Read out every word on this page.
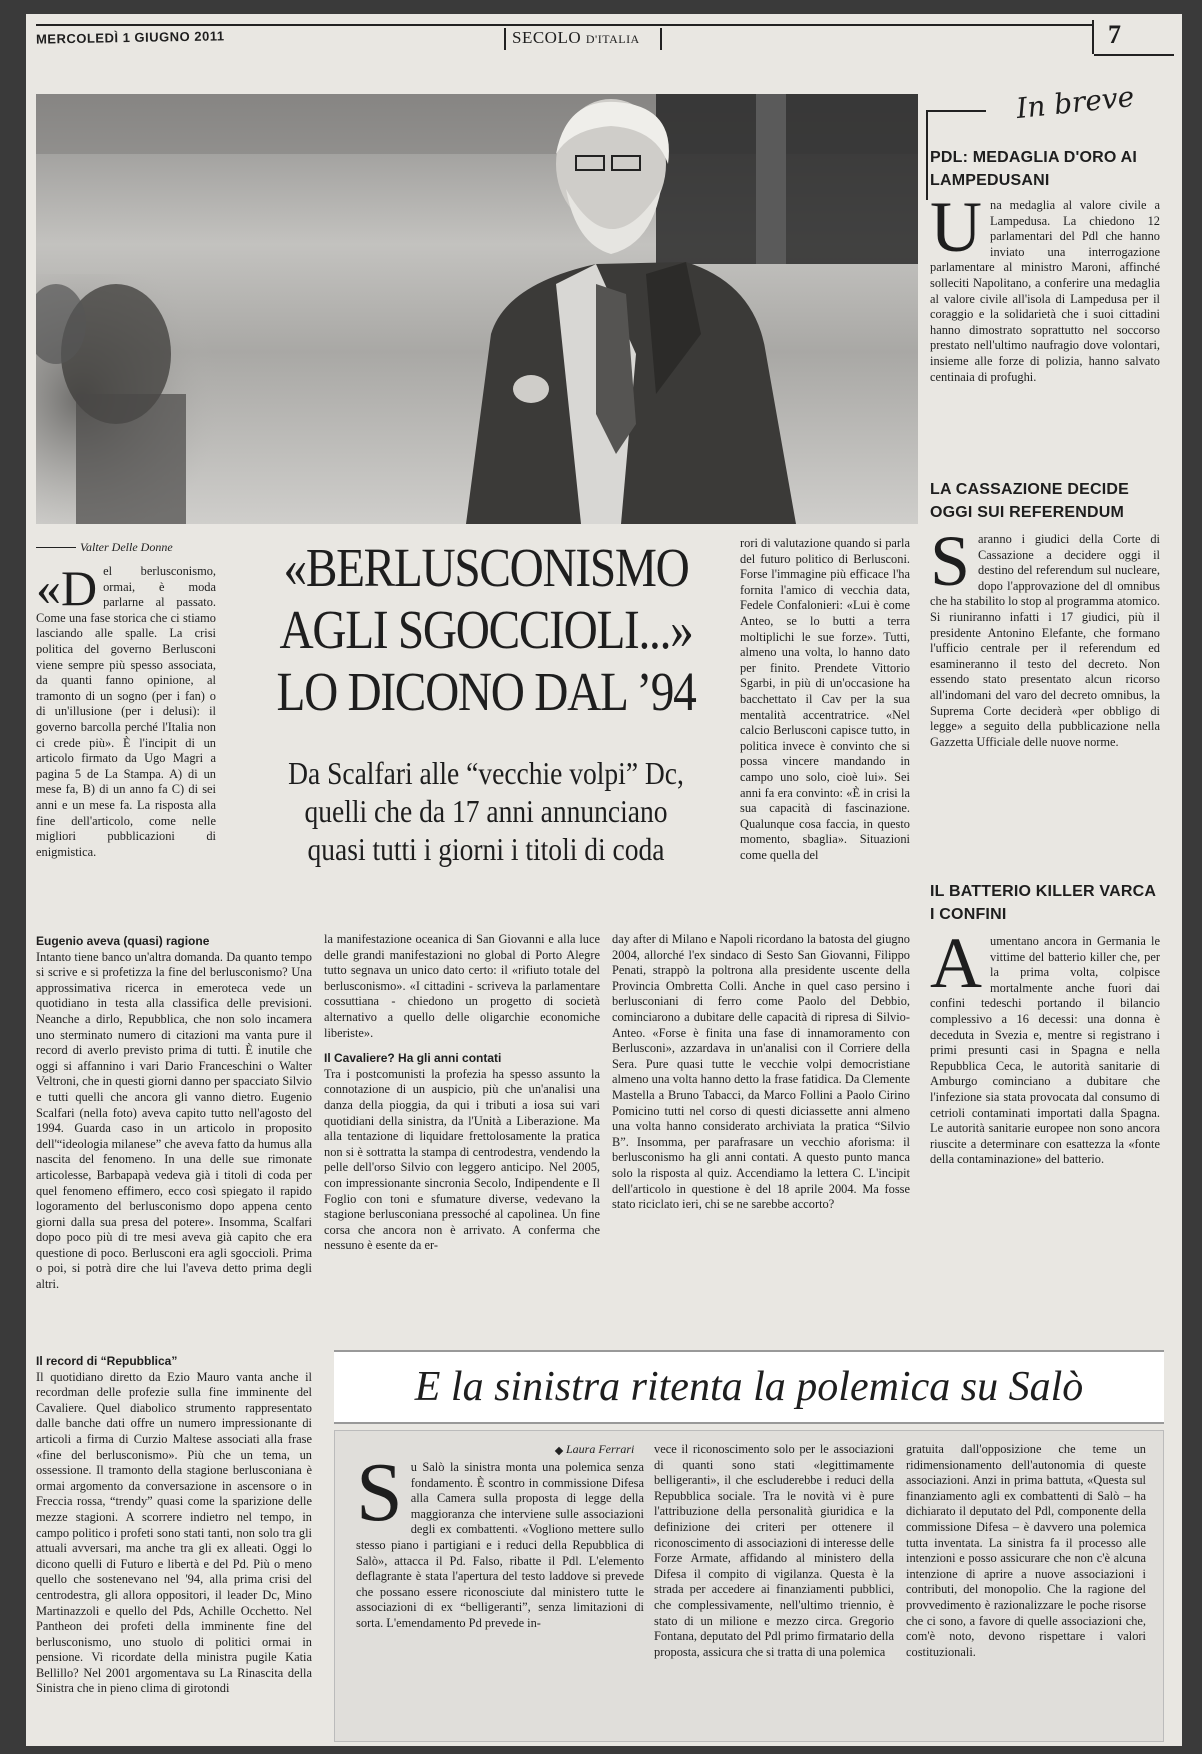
MERCOLEDÌ 1 GIUGNO 2011	SECOLO D'ITALIA	7
Valter Delle Donne
«Del berlusconismo, ormai, è moda parlarne al passato. Come una fase storica che ci stiamo lasciando alle spalle. La crisi politica del governo Berlusconi viene sempre più spesso associata, da quanti fanno opinione, al tramonto di un sogno (per i fan) o di un'illusione (per i delusi): il governo barcolla perché l'Italia non ci crede più». È l'incipit di un articolo firmato da Ugo Magri a pagina 5 de La Stampa. A) di un mese fa, B) di un anno fa C) di sei anni e un mese fa. La risposta alla fine dell'articolo, come nelle migliori pubblicazioni di enigmistica.
«BERLUSCONISMO
AGLI SGOCCIOLI...»
LO DICONO DAL ’94
Da Scalfari alle “vecchie volpi” Dc,
quelli che da 17 anni annunciano
quasi tutti i giorni i titoli di coda

rori di valutazione quando si parla del futuro politico di Berlusconi. Forse l'immagine più efficace l'ha fornita l'amico di vecchia data, Fedele Confalonieri: «Lui è come Anteo, se lo butti a terra moltiplichi le sue forze». Tutti, almeno una volta, lo hanno dato per finito. Prendete Vittorio Sgarbi, in più di un'occasione ha bacchettato il Cav per la sua mentalità accentratrice. «Nel calcio Berlusconi capisce tutto, in politica invece è convinto che si possa vincere mandando in campo uno solo, cioè lui». Sei anni fa era convinto: «È in crisi la sua capacità di fascinazione. Qualunque cosa faccia, in questo momento, sbaglia». Situazioni come quella del

Eugenio aveva (quasi) ragione

Intanto tiene banco un'altra domanda. Da quanto tempo si scrive e si profetizza la fine del berlusconismo? Una approssimativa ricerca in emeroteca vede un quotidiano in testa alla classifica delle previsioni. Neanche a dirlo, Repubblica, che non solo incamera uno sterminato numero di citazioni ma vanta pure il record di averlo previsto prima di tutti. È inutile che oggi si affannino i vari Dario Franceschini o Walter Veltroni, che in questi giorni danno per spacciato Silvio e tutti quelli che ancora gli vanno dietro. Eugenio Scalfari (nella foto) aveva capito tutto nell'agosto del 1994. Guarda caso in un articolo in proposito dell'“ideologia milanese” che aveva fatto da humus alla nascita del fenomeno. In una delle sue rimonate articolesse, Barbapapà vedeva già i titoli di coda per quel fenomeno effimero, ecco così spiegato il rapido logoramento del berlusconismo dopo appena cento giorni dalla sua presa del potere». Insomma, Scalfari dopo poco più di tre mesi aveva già capito che era questione di poco. Berlusconi era agli sgoccioli. Prima o poi, si potrà dire che lui l'aveva detto prima degli altri.

Il record di “Repubblica”

Il quotidiano diretto da Ezio Mauro vanta anche il recordman delle profezie sulla fine imminente del Cavaliere. Quel diabolico strumento rappresentato dalle banche dati offre un numero impressionante di articoli a firma di Curzio Maltese associati alla frase «fine del berlusconismo». Più che un tema, un ossessione. Il tramonto della stagione berlusconiana è ormai argomento da conversazione in ascensore o in Freccia rossa, “trendy” quasi come la sparizione delle mezze stagioni. A scorrere indietro nel tempo, in campo politico i profeti sono stati tanti, non solo tra gli attuali avversari, ma anche tra gli ex alleati. Oggi lo dicono quelli di Futuro e libertà e del Pd. Più o meno quello che sostenevano nel '94, alla prima crisi del centrodestra, gli allora oppositori, il leader Dc, Mino Martinazzoli e quello del Pds, Achille Occhetto. Nel Pantheon dei profeti della imminente fine del berlusconismo, uno stuolo di politici ormai in pensione. Vi ricordate della ministra pugile Katia Bellillo? Nel 2001 argomentava su La Rinascita della Sinistra che in pieno clima di girotondi

la manifestazione oceanica di San Giovanni e alla luce delle grandi manifestazioni no global di Porto Alegre tutto segnava un unico dato certo: il «rifiuto totale del berlusconismo». «I cittadini - scriveva la parlamentare cossuttiana - chiedono un progetto di società alternativo a quello delle oligarchie economiche liberiste».

Il Cavaliere? Ha gli anni contati

Tra i postcomunisti la profezia ha spesso assunto la connotazione di un auspicio, più che un'analisi una danza della pioggia, da qui i tributi a iosa sui vari quotidiani della sinistra, da l'Unità a Liberazione. Ma alla tentazione di liquidare frettolosamente la pratica non si è sottratta la stampa di centrodestra, vendendo la pelle dell'orso Silvio con leggero anticipo. Nel 2005, con impressionante sincronia Secolo, Indipendente e Il Foglio con toni e sfumature diverse, vedevano la stagione berlusconiana pressoché al capolinea. Un fine corsa che ancora non è arrivato. A conferma che nessuno è esente da er-

day after di Milano e Napoli ricordano la batosta del giugno 2004, allorché l'ex sindaco di Sesto San Giovanni, Filippo Penati, strappò la poltrona alla presidente uscente della Provincia Ombretta Colli. Anche in quel caso persino i berlusconiani di ferro come Paolo del Debbio, cominciarono a dubitare delle capacità di ripresa di Silvio-Anteo. «Forse è finita una fase di innamoramento con Berlusconi», azzardava in un'analisi con il Corriere della Sera. Pure quasi tutte le vecchie volpi democristiane almeno una volta hanno detto la frase fatidica. Da Clemente Mastella a Bruno Tabacci, da Marco Follini a Paolo Cirino Pomicino tutti nel corso di questi diciassette anni almeno una volta hanno considerato archiviata la pratica “Silvio B”. Insomma, per parafrasare un vecchio aforisma: il berlusconismo ha gli anni contati. A questo punto manca solo la risposta al quiz. Accendiamo la lettera C. L'incipit dell'articolo in questione è del 18 aprile 2004. Ma fosse stato riciclato ieri, chi se ne sarebbe accorto?

In breve
PDL: MEDAGLIA D'ORO AI LAMPEDUSANI
Una medaglia al valore civile a Lampedusa. La chiedono 12 parlamentari del Pdl che hanno inviato una interrogazione parlamentare al ministro Maroni, affinché solleciti Napolitano, a conferire una medaglia al valore civile all'isola di Lampedusa per il coraggio e la solidarietà che i suoi cittadini hanno dimostrato soprattutto nel soccorso prestato nell'ultimo naufragio dove volontari, insieme alle forze di polizia, hanno salvato centinaia di profughi.
LA CASSAZIONE DECIDE OGGI SUI REFERENDUM
Saranno i giudici della Corte di Cassazione a decidere oggi il destino del referendum sul nucleare, dopo l'approvazione del dl omnibus che ha stabilito lo stop al programma atomico. Si riuniranno infatti i 17 giudici, più il presidente Antonino Elefante, che formano l'ufficio centrale per il referendum ed esamineranno il testo del decreto. Non essendo stato presentato alcun ricorso all'indomani del varo del decreto omnibus, la Suprema Corte deciderà «per obbligo di legge» a seguito della pubblicazione nella Gazzetta Ufficiale delle nuove norme.
IL BATTERIO KILLER VARCA I CONFINI
Aumentano ancora in Germania le vittime del batterio killer che, per la prima volta, colpisce mortalmente anche fuori dai confini tedeschi portando il bilancio complessivo a 16 decessi: una donna è deceduta in Svezia e, mentre si registrano i primi presunti casi in Spagna e nella Repubblica Ceca, le autorità sanitarie di Amburgo cominciano a dubitare che l'infezione sia stata provocata dal consumo di cetrioli contaminati importati dalla Spagna. Le autorità sanitarie europee non sono ancora riuscite a determinare con esattezza la «fonte della contaminazione» del batterio.
E la sinistra ritenta la polemica su Salò
Laura Ferrari
Su Salò la sinistra monta una polemica senza fondamento. È scontro in commissione Difesa alla Camera sulla proposta di legge della maggioranza che interviene sulle associazioni degli ex combattenti. «Vogliono mettere sullo stesso piano i partigiani e i reduci della Repubblica di Salò», attacca il Pd. Falso, ribatte il Pdl. L'elemento deflagrante è stata l'apertura del testo laddove si prevede che possano essere riconosciute dal ministero tutte le associazioni di ex “belligeranti”, senza limitazioni di sorta. L'emendamento Pd prevede in-

vece il riconoscimento solo per le associazioni di quanti sono stati «legittimamente belligeranti», il che escluderebbe i reduci della Repubblica sociale. Tra le novità vi è pure l'attribuzione della personalità giuridica e la definizione dei criteri per ottenere il riconoscimento di associazioni di interesse delle Forze Armate, affidando al ministero della Difesa il compito di vigilanza. Questa è la strada per accedere ai finanziamenti pubblici, che complessivamente, nell'ultimo triennio, è stato di un milione e mezzo circa. Gregorio Fontana, deputato del Pdl primo firmatario della proposta, assicura che si tratta di una polemica

gratuita dall'opposizione che teme un ridimensionamento dell'autonomia di queste associazioni. Anzi in prima battuta, «Questa sul finanziamento agli ex combattenti di Salò – ha dichiarato il deputato del Pdl, componente della commissione Difesa – è davvero una polemica tutta inventata. La sinistra fa il processo alle intenzioni e posso assicurare che non c'è alcuna intenzione di aprire a nuove associazioni i contributi, del monopolio. Che la ragione del provvedimento è razionalizzare le poche risorse che ci sono, a favore di quelle associazioni che, com'è noto, devono rispettare i valori costituzionali.
